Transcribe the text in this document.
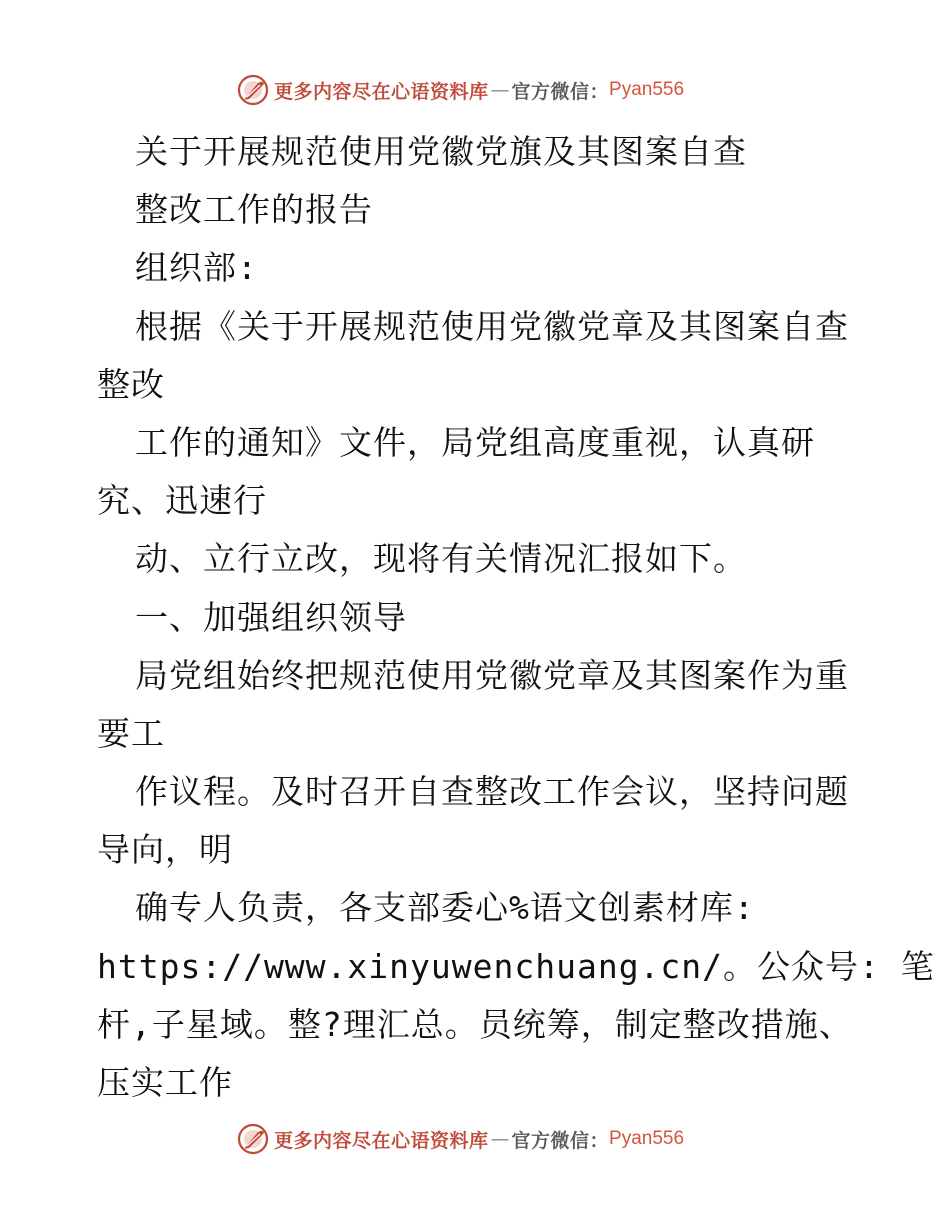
更多内容尽在心语资料库 — 官方微信： Pyan556
关于开展规范使用党徽党旗及其图案自查
整改工作的报告
组织部:
根据《关于开展规范使用党徽党章及其图案自查
整改
工作的通知》文件，局党组高度重视，认真研
究、迅速行
动、立行立改，现将有关情况汇报如下。
一、加强组织领导
局党组始终把规范使用党徽党章及其图案作为重
要工
作议程。及时召开自查整改工作会议，坚持问题
导向，明
确专人负责，各支部委心%语文创素材库:
https://www.xinyuwenchuang.cn/。公众号: 笔
杆,子星域。整?理汇总。员统筹，制定整改措施、
压实工作
更多内容尽在心语资料库 — 官方微信： Pyan556
